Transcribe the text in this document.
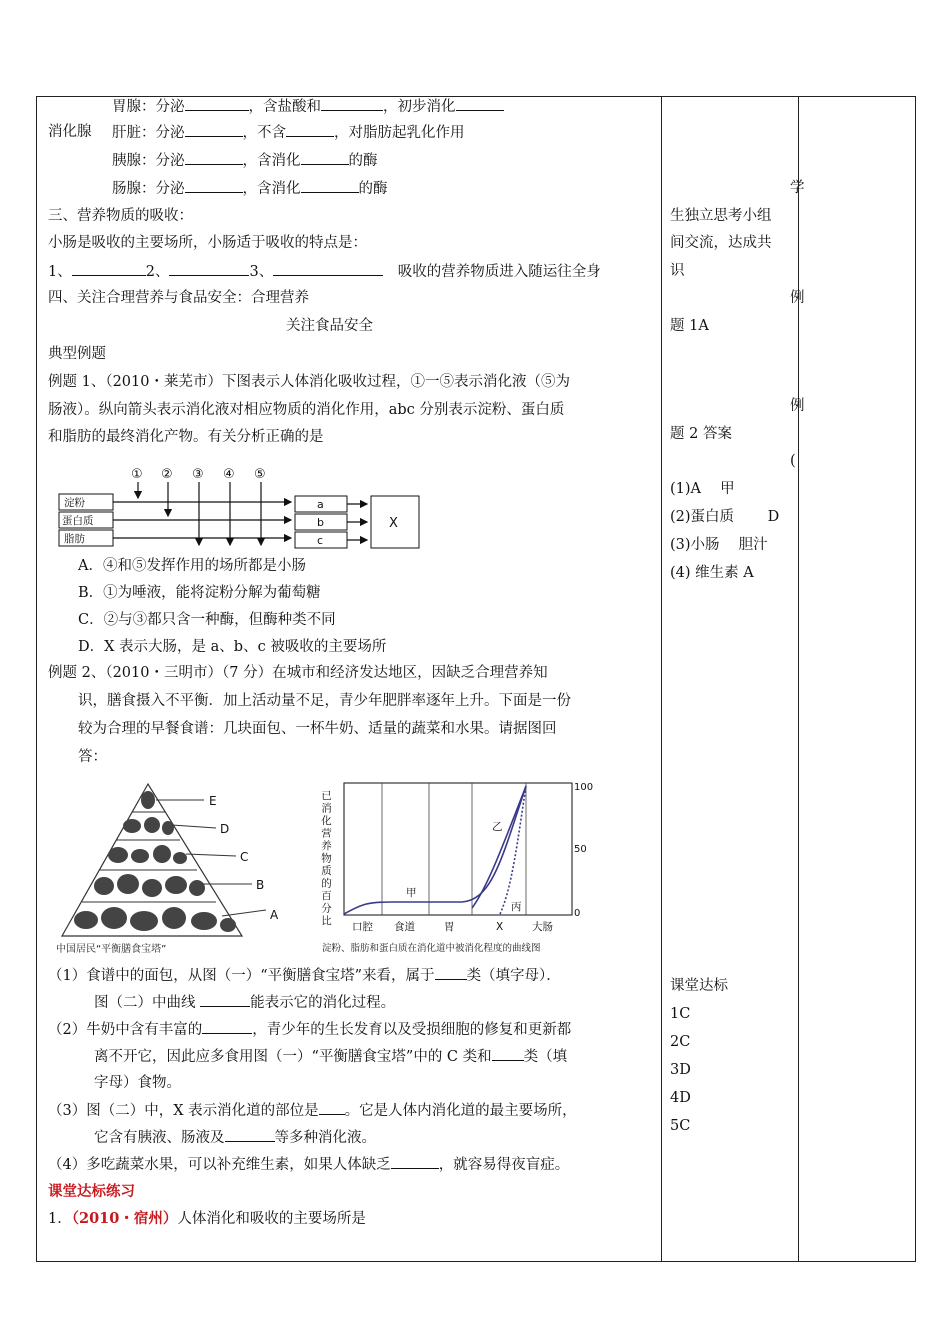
消化腺
胃腺：分泌	，含盐酸和	，初步消化
肝脏：分泌	，不含	，对脂肪起乳化作用
胰腺：分泌	，含消化	的酶
肠腺：分泌	，含消化	的酶
三、营养物质的吸收：
小肠是吸收的主要场所，小肠适于吸收的特点是：
1、	2、	3、　	吸收的营养物质进入随运往全身
四、关注合理营养与食品安全：合理营养
关注食品安全
典型例题
例题 1、（2010・莱芜市）下图表示人体消化吸收过程，①一⑤表示消化液（⑤为
肠液）。纵向箭头表示消化液对相应物质的消化作用，abc 分别表示淀粉、蛋白质
和脂肪的最终消化产物。有关分析正确的是
① ② ③ ④ ⑤
淀粉
蛋白质
脂肪
a
b
c
X
A．④和⑤发挥作用的场所都是小肠
B．①为唾液，能将淀粉分解为葡萄糖
C．②与③都只含一种酶，但酶种类不同
D．X 表示大肠，是 a、b、c 被吸收的主要场所
例题 2、（2010・三明市）（7 分）在城市和经济发达地区，因缺乏合理营养知
识，膳食摄入不平衡．加上活动量不足，青少年肥胖率逐年上升。下面是一份
较为合理的早餐食谱：几块面包、一杯牛奶、适量的蔬菜和水果。请据图回
答：
E
D
C
B
A
中国居民“平衡膳食宝塔”
已消化营养物质的百分比
100
50
0
甲
乙
丙
口腔 食道	胃	X	大肠
淀粉、脂肪和蛋白质在消化道中被消化程度的曲线图
（1）食谱中的面包，从图（一）“平衡膳食宝塔”来看，属于 类（填字母）．
图（二）中曲线	能表示它的消化过程。
（2）牛奶中含有丰富的	，青少年的生长发育以及受损细胞的修复和更新都
离不开它，因此应多食用图（一）“平衡膳食宝塔”中的 C 类和 类（填
字母）食物。
（3）图（二）中，X 表示消化道的部位是 。它是人体内消化道的最主要场所，
它含有胰液、肠液及	等多种消化液。
（4）多吃蔬菜水果，可以补充维生素，如果人体缺乏	，就容易得夜盲症。
课堂达标练习
1．（2010・宿州）人体消化和吸收的主要场所是
学
生独立思考小组
间交流，达成共
识
例
题 1A
例
题 2 答案
(
(1)A　 甲
(2)蛋白质　　 D
(3)小肠　 胆汁
(4) 维生素 A
课堂达标
1C
2C
3D
4D
5C
